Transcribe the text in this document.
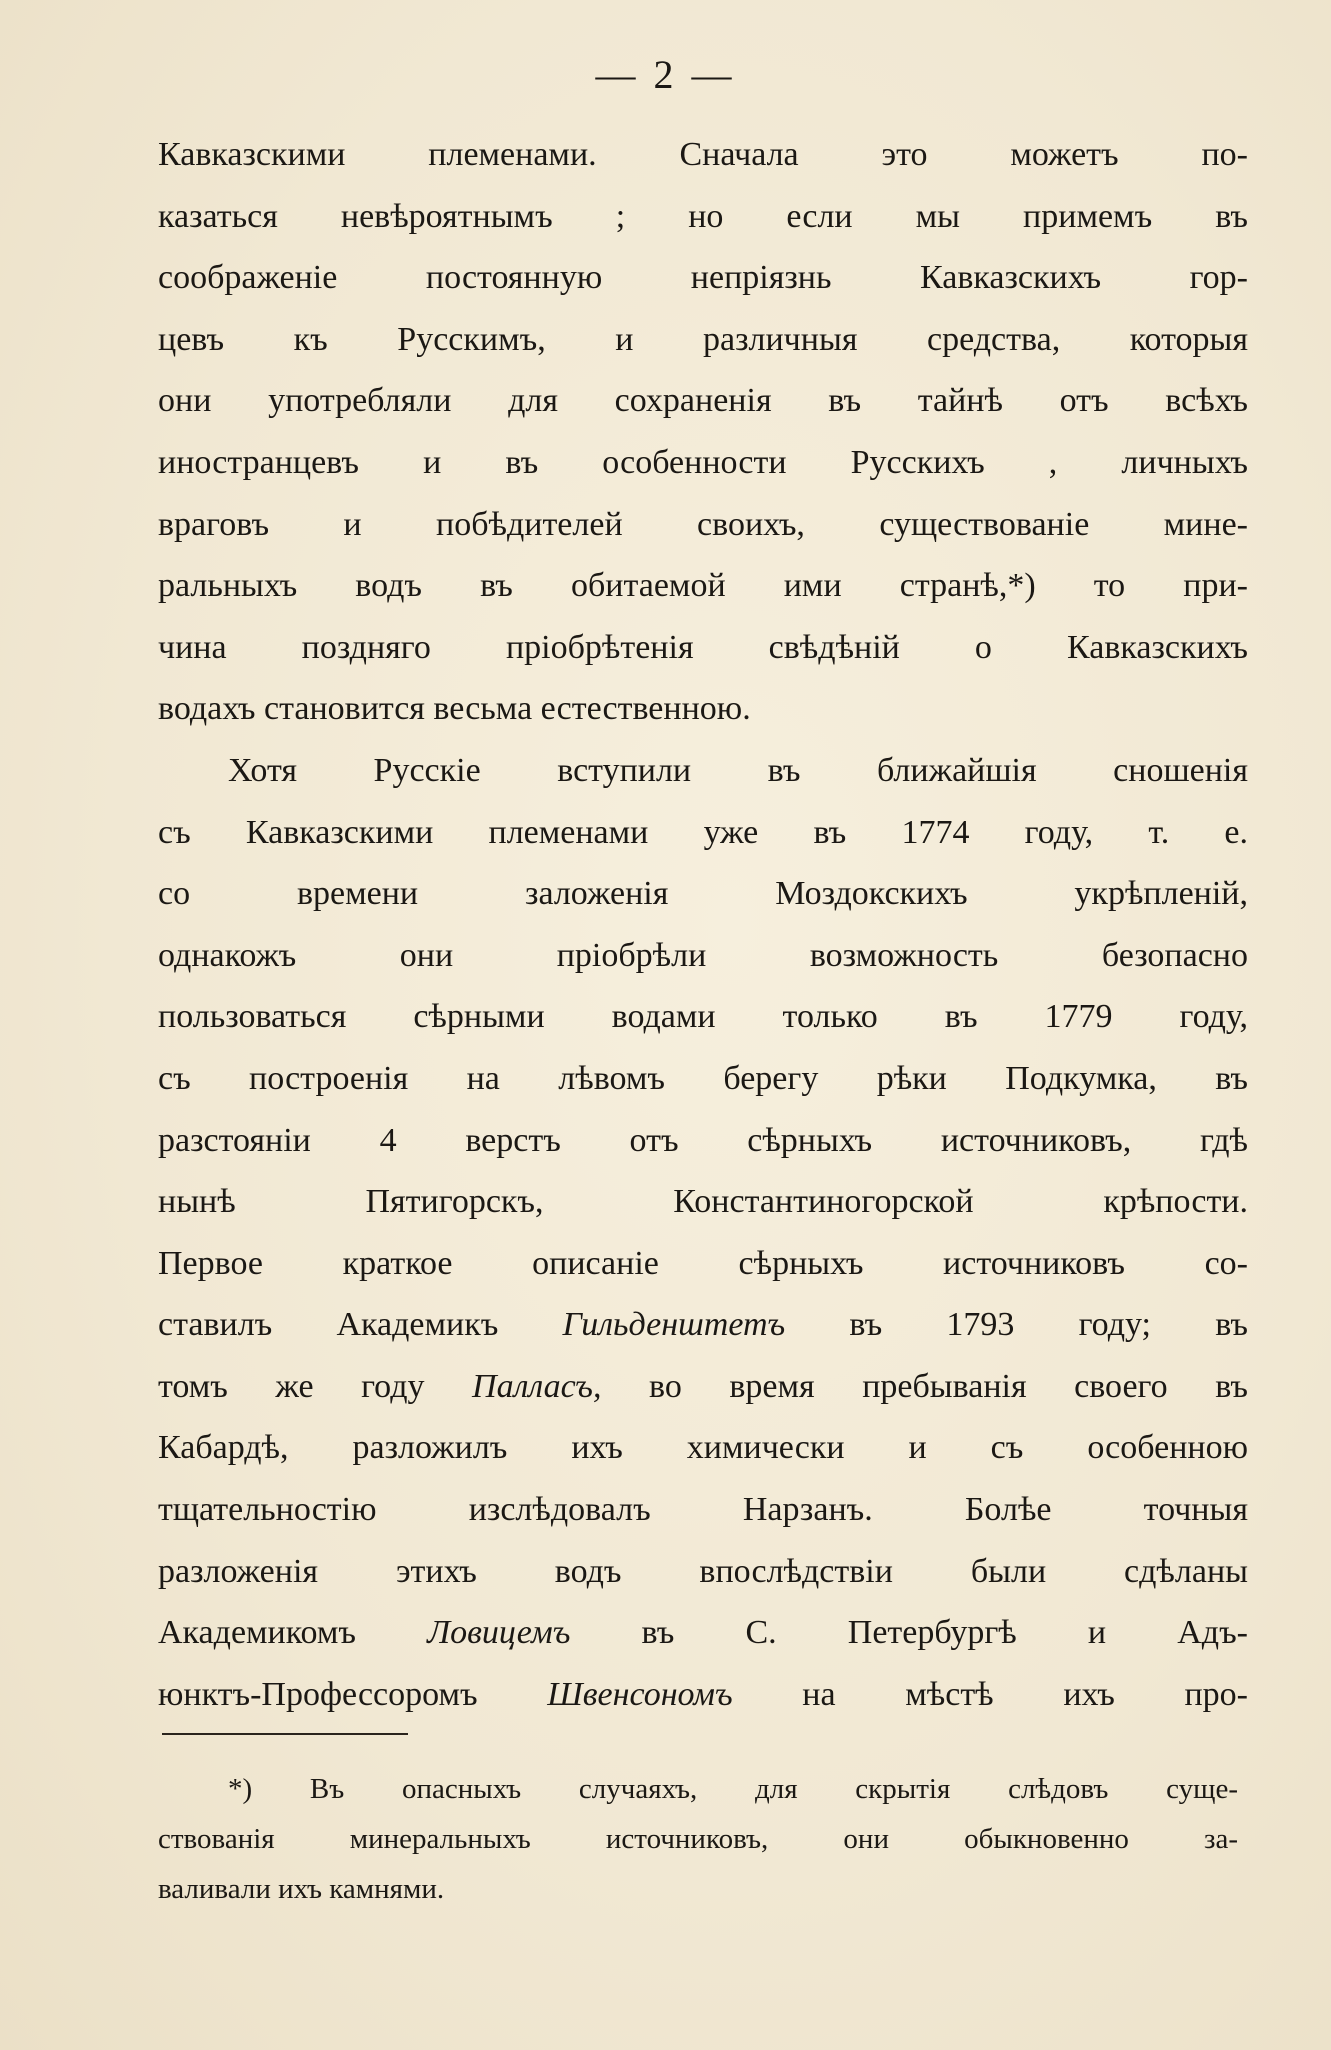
— 2 —
Кавказскими племенами. Сначала это можетъ по-
казаться невѣроятнымъ ; но если мы примемъ въ
соображеніе постоянную непріязнь Кавказскихъ гор-
цевъ къ Русскимъ, и различныя средства, которыя
они употребляли для сохраненія въ тайнѣ отъ всѣхъ
иностранцевъ и въ особенности Русскихъ , личныхъ
враговъ и побѣдителей своихъ, существованіе мине-
ральныхъ водъ въ обитаемой ими странѣ,*) то при-
чина поздняго пріобрѣтенія свѣдѣній о Кавказскихъ
водахъ становится весьма естественною.
Хотя Русскіе вступили въ ближайшія сношенія
съ Кавказскими племенами уже въ 1774 году, т. е.
со времени заложенія Моздокскихъ укрѣпленій,
однакожъ они пріобрѣли возможность безопасно
пользоваться сѣрными водами только въ 1779 году,
съ построенія на лѣвомъ берегу рѣки Подкумка, въ
разстояніи 4 верстъ отъ сѣрныхъ источниковъ, гдѣ
нынѣ Пятигорскъ, Константиногорской крѣпости.
Первое краткое описаніе сѣрныхъ источниковъ со-
ставилъ Академикъ Гильденштетъ въ 1793 году; въ
томъ же году Палласъ, во время пребыванія своего въ
Кабардѣ, разложилъ ихъ химически и съ особенною
тщательностію изслѣдовалъ Нарзанъ. Болѣе точныя
разложенія этихъ водъ впослѣдствіи были сдѣланы
Академикомъ Ловицемъ въ С. Петербургѣ и Адъ-
юнктъ-Профессоромъ Швенсономъ на мѣстѣ ихъ про-
*) Въ опасныхъ случаяхъ, для скрытія слѣдовъ суще-
ствованія минеральныхъ источниковъ, они обыкновенно за-
валивали ихъ камнями.
